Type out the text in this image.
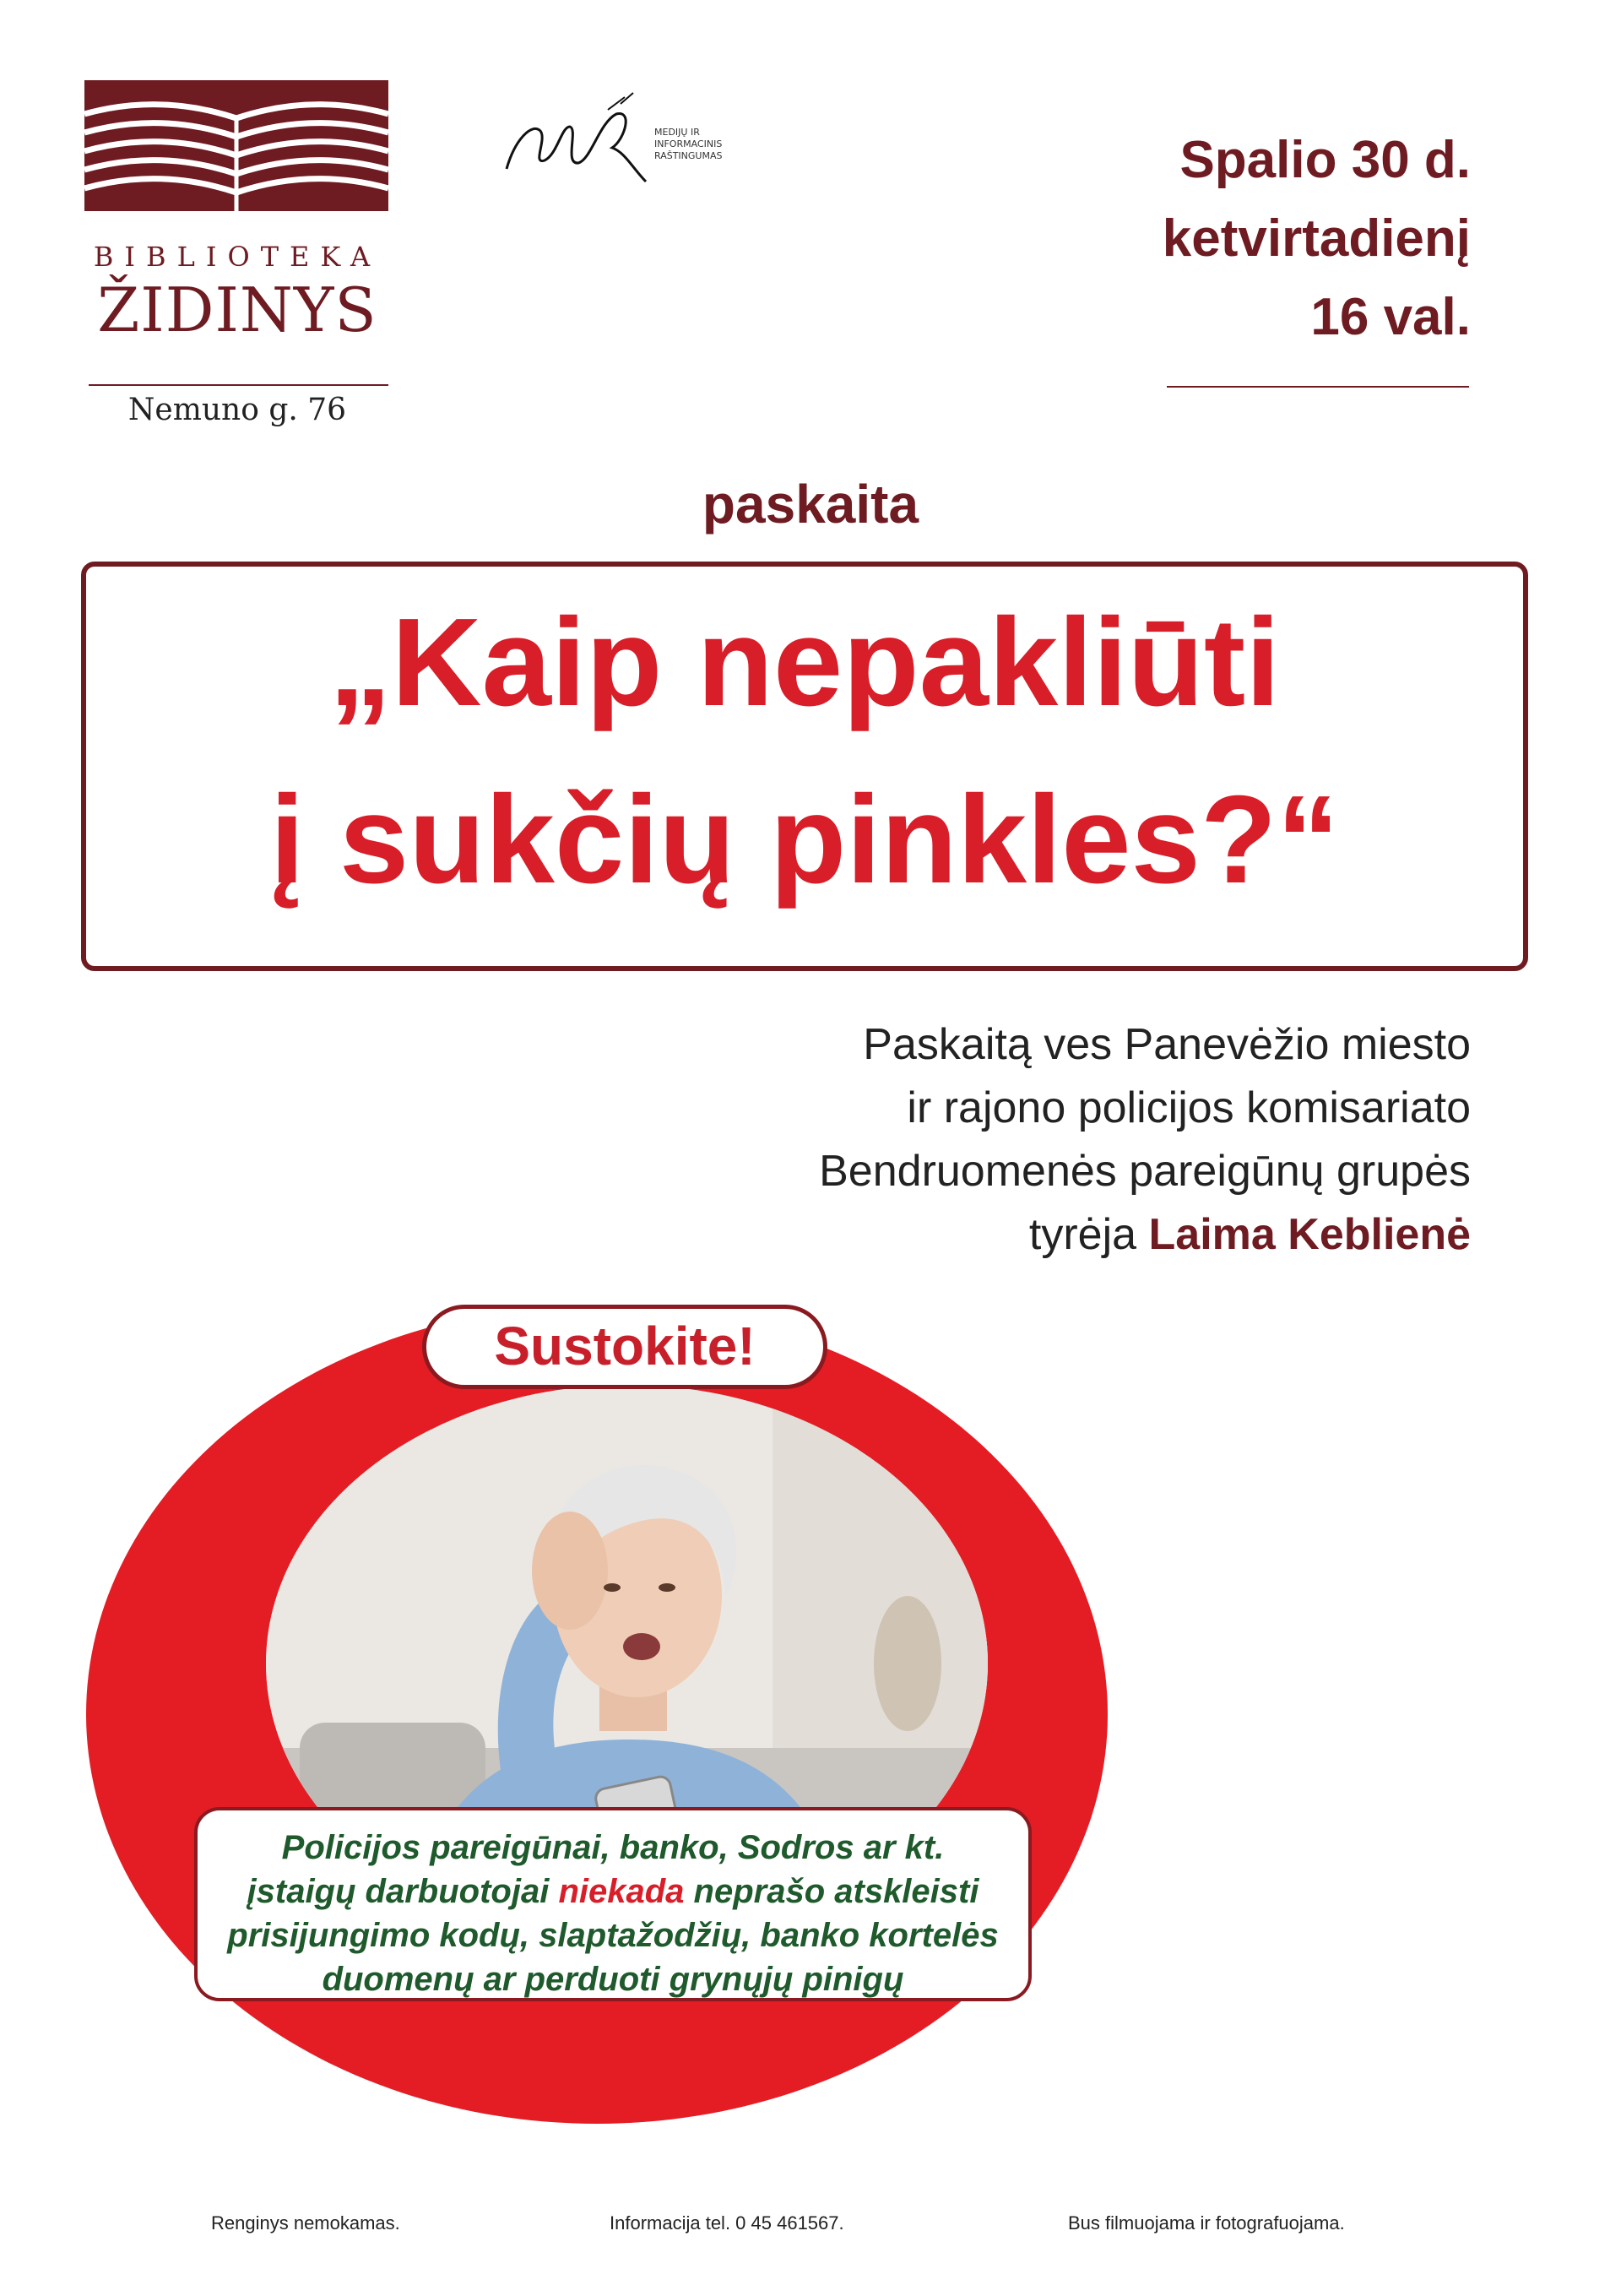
BIBLIOTEKA
ŽIDINYS
Nemuno g. 76
MEDIJŲ IR
INFORMACINIS
RAŠTINGUMAS	Spalio 30 d.
ketvirtadienį
16 val.
paskaita
„Kaip nepakliūti
į sukčių pinkles?“
Paskaitą ves Panevėžio miesto
ir rajono policijos komisariato
Bendruomenės pareigūnų grupės
tyrėja Laima Keblienė
Sustokite!
Policijos pareigūnai, banko, Sodros ar kt.
įstaigų darbuotojai niekada neprašo atskleisti
prisijungimo kodų, slaptažodžių, banko kortelės
duomenų ar perduoti grynųjų pinigų
Renginys nemokamas.	Informacija tel. 0 45 461567.	Bus filmuojama ir fotografuojama.
